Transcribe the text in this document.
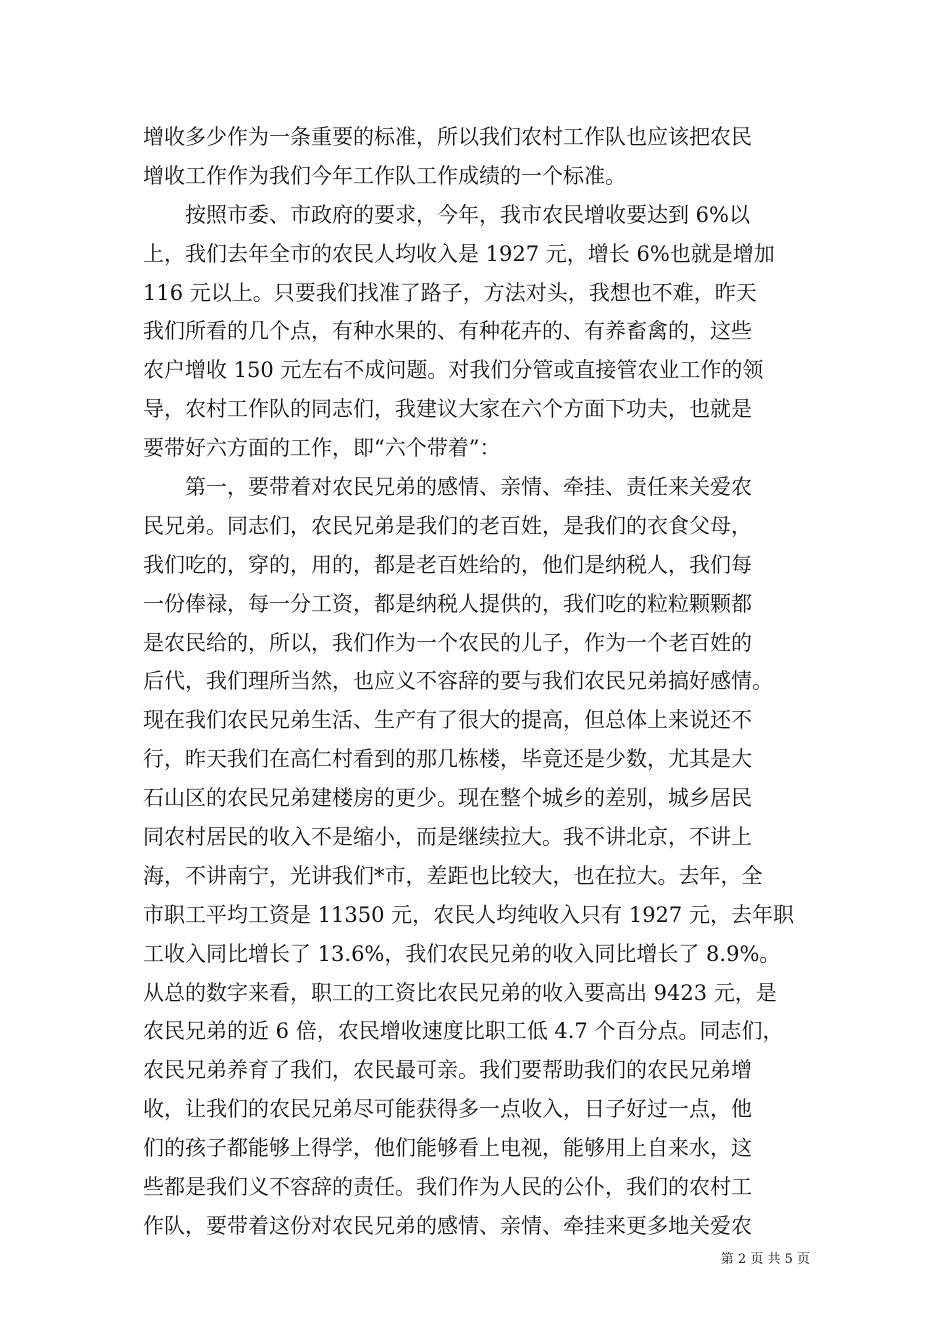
增收多少作为一条重要的标准，所以我们农村工作队也应该把农民
增收工作作为我们今年工作队工作成绩的一个标准。
　　按照市委、市政府的要求，今年，我市农民增收要达到 6%以
上，我们去年全市的农民人均收入是 1927 元，增长 6%也就是增加
116 元以上。只要我们找准了路子，方法对头，我想也不难，昨天
我们所看的几个点，有种水果的、有种花卉的、有养畜禽的，这些
农户增收 150 元左右不成问题。对我们分管或直接管农业工作的领
导，农村工作队的同志们，我建议大家在六个方面下功夫，也就是
要带好六方面的工作，即“六个带着”：
　　第一，要带着对农民兄弟的感情、亲情、牵挂、责任来关爱农
民兄弟。同志们，农民兄弟是我们的老百姓，是我们的衣食父母，
我们吃的，穿的，用的，都是老百姓给的，他们是纳税人，我们每
一份俸禄，每一分工资，都是纳税人提供的，我们吃的粒粒颗颗都
是农民给的，所以，我们作为一个农民的儿子，作为一个老百姓的
后代，我们理所当然，也应义不容辞的要与我们农民兄弟搞好感情。
现在我们农民兄弟生活、生产有了很大的提高，但总体上来说还不
行，昨天我们在高仁村看到的那几栋楼，毕竟还是少数，尤其是大
石山区的农民兄弟建楼房的更少。现在整个城乡的差别，城乡居民
同农村居民的收入不是缩小，而是继续拉大。我不讲北京，不讲上
海，不讲南宁，光讲我们*市，差距也比较大，也在拉大。去年，全
市职工平均工资是 11350 元，农民人均纯收入只有 1927 元，去年职
工收入同比增长了 13.6%，我们农民兄弟的收入同比增长了 8.9%。
从总的数字来看，职工的工资比农民兄弟的收入要高出 9423 元，是
农民兄弟的近 6 倍，农民增收速度比职工低 4.7 个百分点。同志们，
农民兄弟养育了我们，农民最可亲。我们要帮助我们的农民兄弟增
收，让我们的农民兄弟尽可能获得多一点收入，日子好过一点，他
们的孩子都能够上得学，他们能够看上电视，能够用上自来水，这
些都是我们义不容辞的责任。我们作为人民的公仆，我们的农村工
作队，要带着这份对农民兄弟的感情、亲情、牵挂来更多地关爱农
第 2 页 共 5 页
